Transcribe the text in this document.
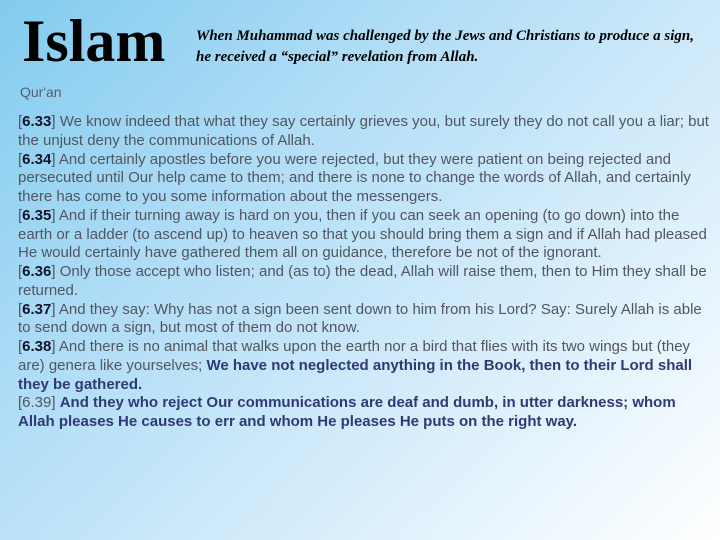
Islam When Muhammad was challenged by the Jews and Christians to produce a sign, he received a “special” revelation from Allah.

Qur'an

[6.33] We know indeed that what they say certainly grieves you, but surely they do not call you a liar; but the unjust deny the communications of Allah.

[6.34] And certainly apostles before you were rejected, but they were patient on being rejected and persecuted until Our help came to them; and there is none to change the words of Allah, and certainly there has come to you some information about the messengers.

[6.35] And if their turning away is hard on you, then if you can seek an opening (to go down) into the earth or a ladder (to ascend up) to heaven so that you should bring them a sign and if Allah had pleased He would certainly have gathered them all on guidance, therefore be not of the ignorant.

[6.36] Only those accept who listen; and (as to) the dead, Allah will raise them, then to Him they shall be returned.

[6.37] And they say: Why has not a sign been sent down to him from his Lord? Say: Surely Allah is able to send down a sign, but most of them do not know.

[6.38] And there is no animal that walks upon the earth nor a bird that flies with its two wings but (they are) genera like yourselves; We have not neglected anything in the Book, then to their Lord shall they be gathered.

[6.39] And they who reject Our communications are deaf and dumb, in utter darkness; whom Allah pleases He causes to err and whom He pleases He puts on the right way.
